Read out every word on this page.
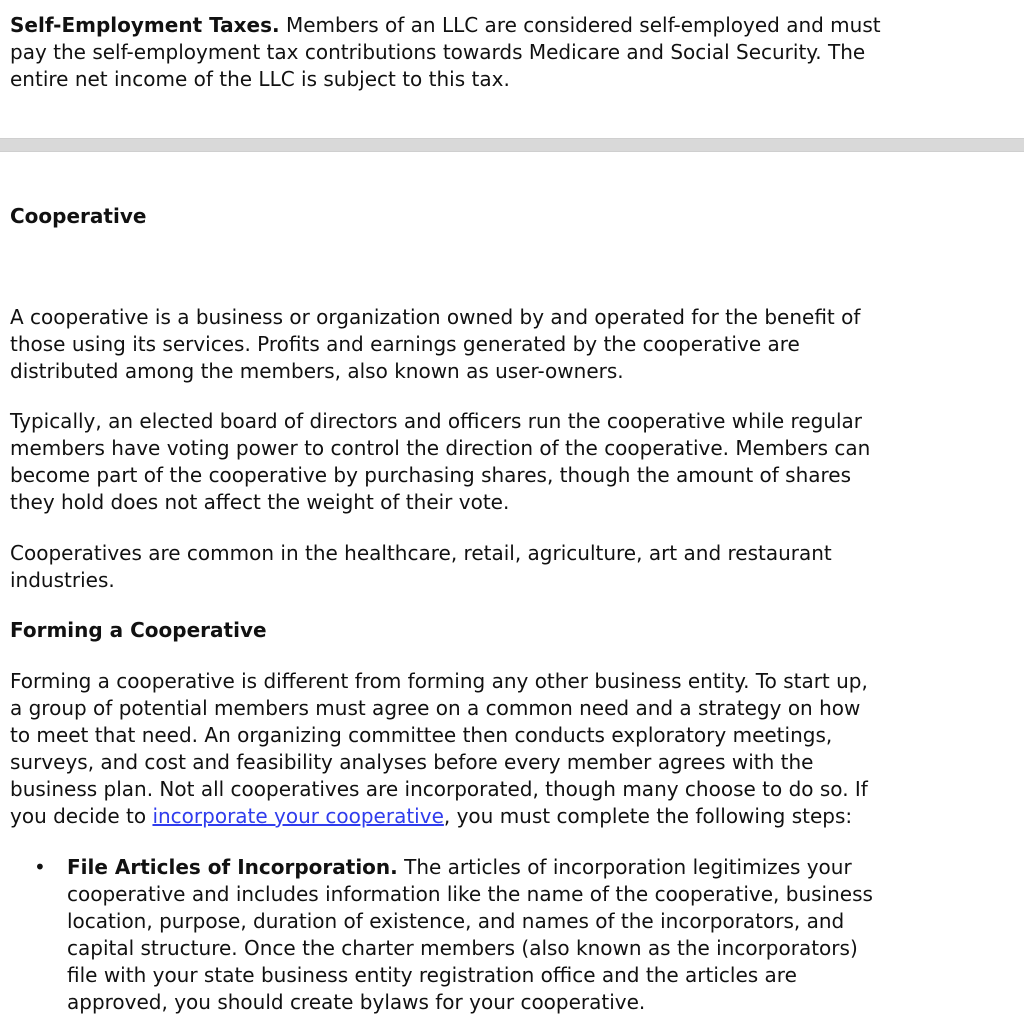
Self-Employment Taxes. Members of an LLC are considered self-employed and must
pay the self-employment tax contributions towards Medicare and Social Security. The
entire net income of the LLC is subject to this tax.
Cooperative
A cooperative is a business or organization owned by and operated for the benefit of
those using its services. Profits and earnings generated by the cooperative are
distributed among the members, also known as user-owners.
Typically, an elected board of directors and officers run the cooperative while regular
members have voting power to control the direction of the cooperative. Members can
become part of the cooperative by purchasing shares, though the amount of shares
they hold does not affect the weight of their vote.
Cooperatives are common in the healthcare, retail, agriculture, art and restaurant
industries.
Forming a Cooperative
Forming a cooperative is different from forming any other business entity. To start up,
a group of potential members must agree on a common need and a strategy on how
to meet that need. An organizing committee then conducts exploratory meetings,
surveys, and cost and feasibility analyses before every member agrees with the
business plan. Not all cooperatives are incorporated, though many choose to do so. If
you decide to incorporate your cooperative, you must complete the following steps:
• File Articles of Incorporation. The articles of incorporation legitimizes your
cooperative and includes information like the name of the cooperative, business
location, purpose, duration of existence, and names of the incorporators, and
capital structure. Once the charter members (also known as the incorporators)
file with your state business entity registration office and the articles are
approved, you should create bylaws for your cooperative.
